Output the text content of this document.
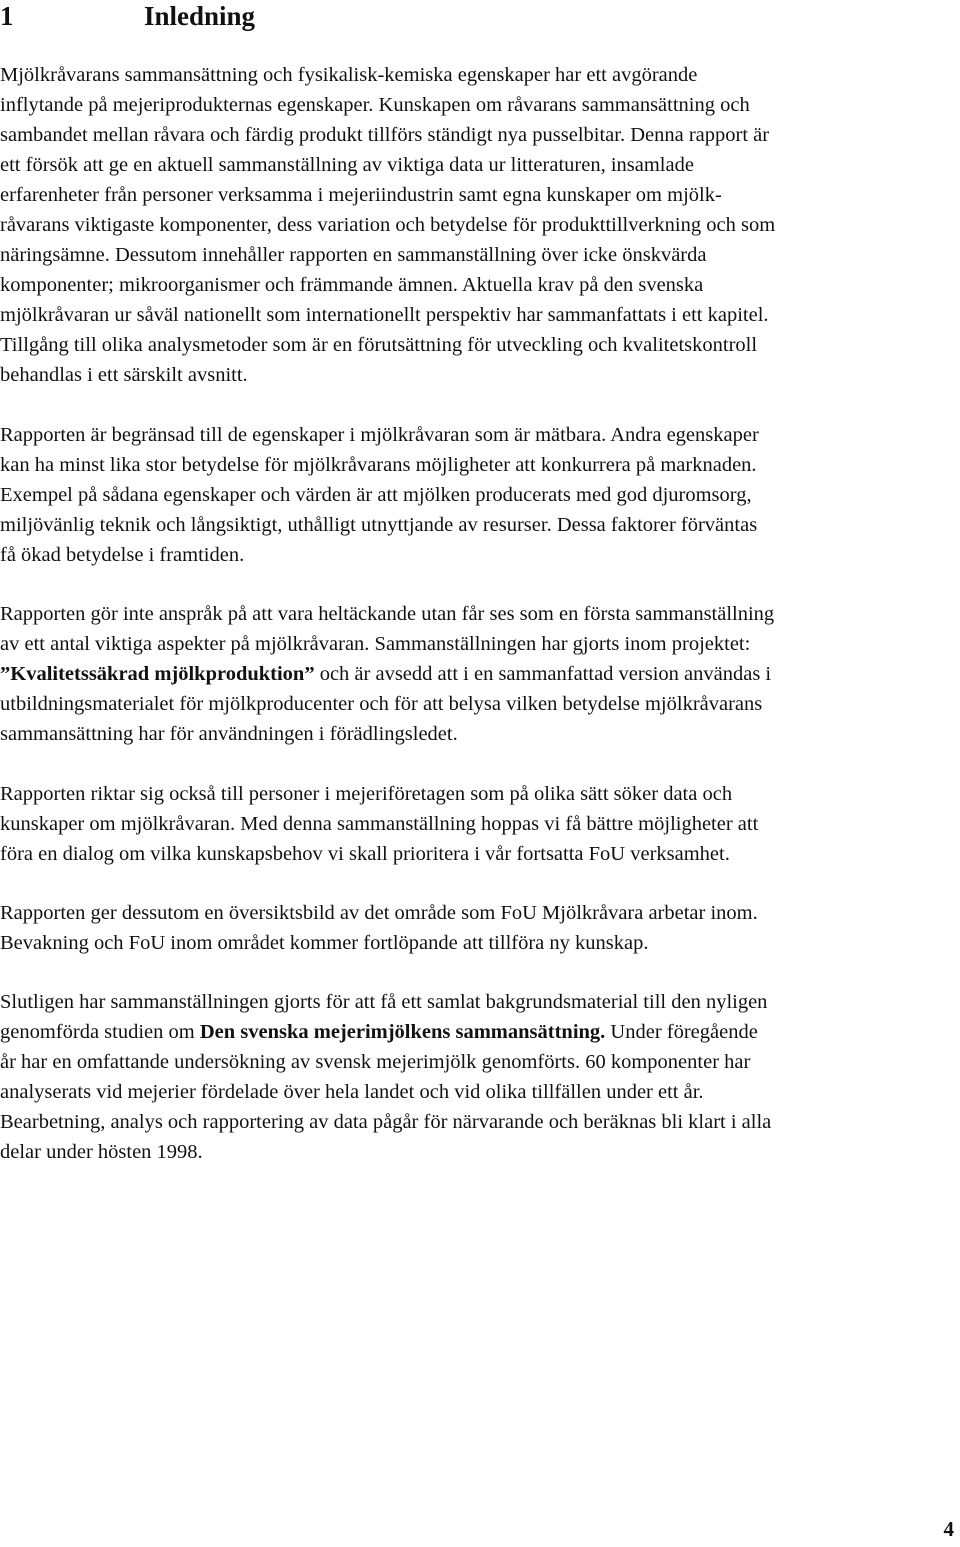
1	Inledning

Mjölkråvarans sammansättning och fysikalisk-kemiska egenskaper har ett avgörande
inflytande på mejeriprodukternas egenskaper. Kunskapen om råvarans sammansättning och
sambandet mellan råvara och färdig produkt tillförs ständigt nya pusselbitar. Denna rapport är
ett försök att ge en aktuell sammanställning av viktiga data ur litteraturen, insamlade
erfarenheter från personer verksamma i mejeriindustrin samt egna kunskaper om mjölk-
råvarans viktigaste komponenter, dess variation och betydelse för produkttillverkning och som
näringsämne. Dessutom innehåller rapporten en sammanställning över icke önskvärda
komponenter; mikroorganismer och främmande ämnen. Aktuella krav på den svenska
mjölkråvaran ur såväl nationellt som internationellt perspektiv har sammanfattats i ett kapitel.
Tillgång till olika analysmetoder som är en förutsättning för utveckling och kvalitetskontroll
behandlas i ett särskilt avsnitt.

Rapporten är begränsad till de egenskaper i mjölkråvaran som är mätbara. Andra egenskaper
kan ha minst lika stor betydelse för mjölkråvarans möjligheter att konkurrera på marknaden.
Exempel på sådana egenskaper och värden är att mjölken producerats med god djuromsorg,
miljövänlig teknik och långsiktigt, uthålligt utnyttjande av resurser. Dessa faktorer förväntas
få ökad betydelse i framtiden.

Rapporten gör inte anspråk på att vara heltäckande utan får ses som en första sammanställning
av ett antal viktiga aspekter på mjölkråvaran. Sammanställningen har gjorts inom projektet:
”Kvalitetssäkrad mjölkproduktion” och är avsedd att i en sammanfattad version användas i
utbildningsmaterialet för mjölkproducenter och för att belysa vilken betydelse mjölkråvarans
sammansättning har för användningen i förädlingsledet.

Rapporten riktar sig också till personer i mejeriföretagen som på olika sätt söker data och
kunskaper om mjölkråvaran. Med denna sammanställning hoppas vi få bättre möjligheter att
föra en dialog om vilka kunskapsbehov vi skall prioritera i vår fortsatta FoU verksamhet.

Rapporten ger dessutom en översiktsbild av det område som FoU Mjölkråvara arbetar inom.
Bevakning och FoU inom området kommer fortlöpande att tillföra ny kunskap.

Slutligen har sammanställningen gjorts för att få ett samlat bakgrundsmaterial till den nyligen
genomförda studien om Den svenska mejerimjölkens sammansättning. Under föregående
år har en omfattande undersökning av svensk mejerimjölk genomförts. 60 komponenter har
analyserats vid mejerier fördelade över hela landet och vid olika tillfällen under ett år.
Bearbetning, analys och rapportering av data pågår för närvarande och beräknas bli klart i alla
delar under hösten 1998.

4
